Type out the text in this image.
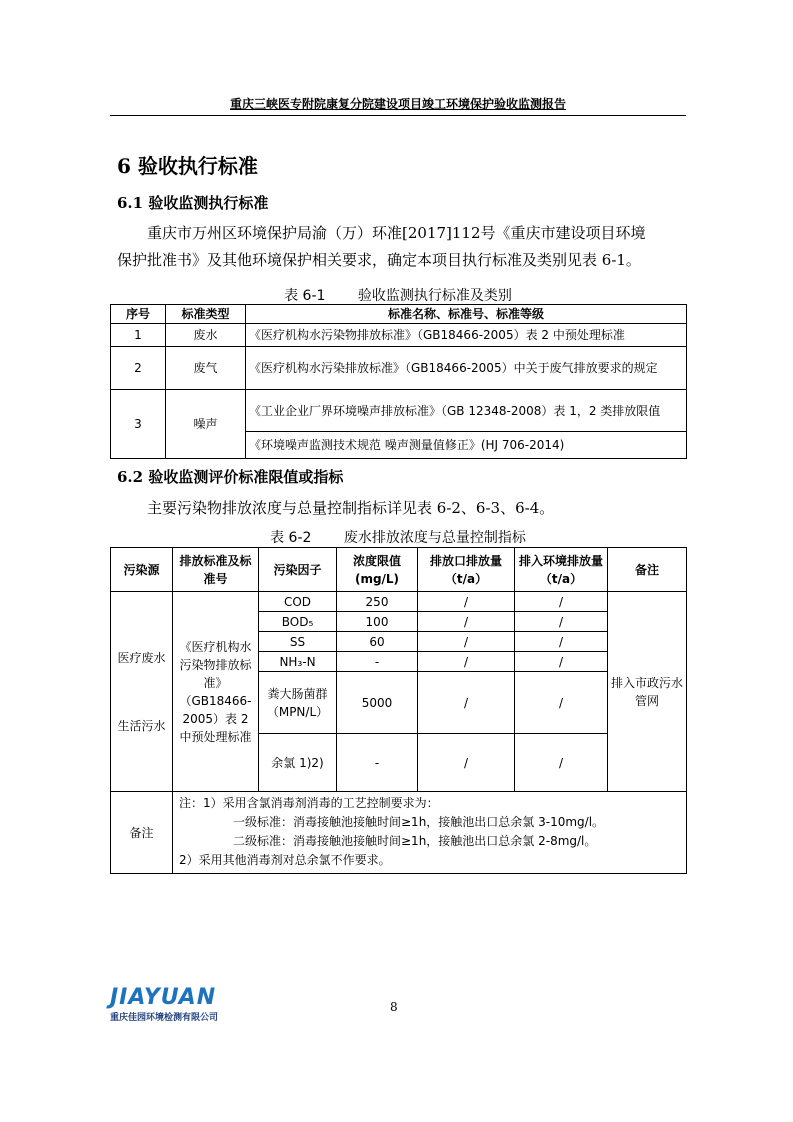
重庆三峡医专附院康复分院建设项目竣工环境保护验收监测报告
6 验收执行标准
6.1 验收监测执行标准
重庆市万州区环境保护局渝（万）环准[2017]112号《重庆市建设项目环境
保护批准书》及其他环境保护相关要求，确定本项目执行标准及类别见表 6-1。
表 6-1 验收监测执行标准及类别
序号	标准类型	标准名称、标准号、标准等级
1	废水	《医疗机构水污染物排放标准》（GB18466-2005）表 2 中预处理标准
2	废气	《医疗机构水污染排放标准》（GB18466-2005）中关于废气排放要求的规定
3	噪声	《工业企业厂界环境噪声排放标准》（GB 12348-2008）表 1，2 类排放限值
		《环境噪声监测技术规范 噪声测量值修正》(HJ 706-2014)
6.2 验收监测评价标准限值或指标
主要污染物排放浓度与总量控制指标详见表 6-2、6-3、6-4。
表 6-2 废水排放浓度与总量控制指标
污染源	排放标准及标准号	污染因子	浓度限值(mg/L)	排放口排放量（t/a）	排入环境排放量（t/a）	备注

医疗废水
生活污水	《医疗机构水污染物排放标准》（GB18466-2005）表 2 中预处理标准	COD	250	/	/	排入市政污水管网
		BOD₅	100	/	/	
		SS	60	/	/	
		NH₃-N	-	/	/	
		粪大肠菌群（MPN/L）	5000	/	/	
		余氯 1)2)	-	/	/	
备注	注：1）采用含氯消毒剂消毒的工艺控制要求为：
一级标准：消毒接触池接触时间≥1h，接触池出口总余氯 3-10mg/l。
二级标准：消毒接触池接触时间≥1h，接触池出口总余氯 2-8mg/l。
2）采用其他消毒剂对总余氯不作要求。					
JIAYUAN
重庆佳园环境检测有限公司
8
